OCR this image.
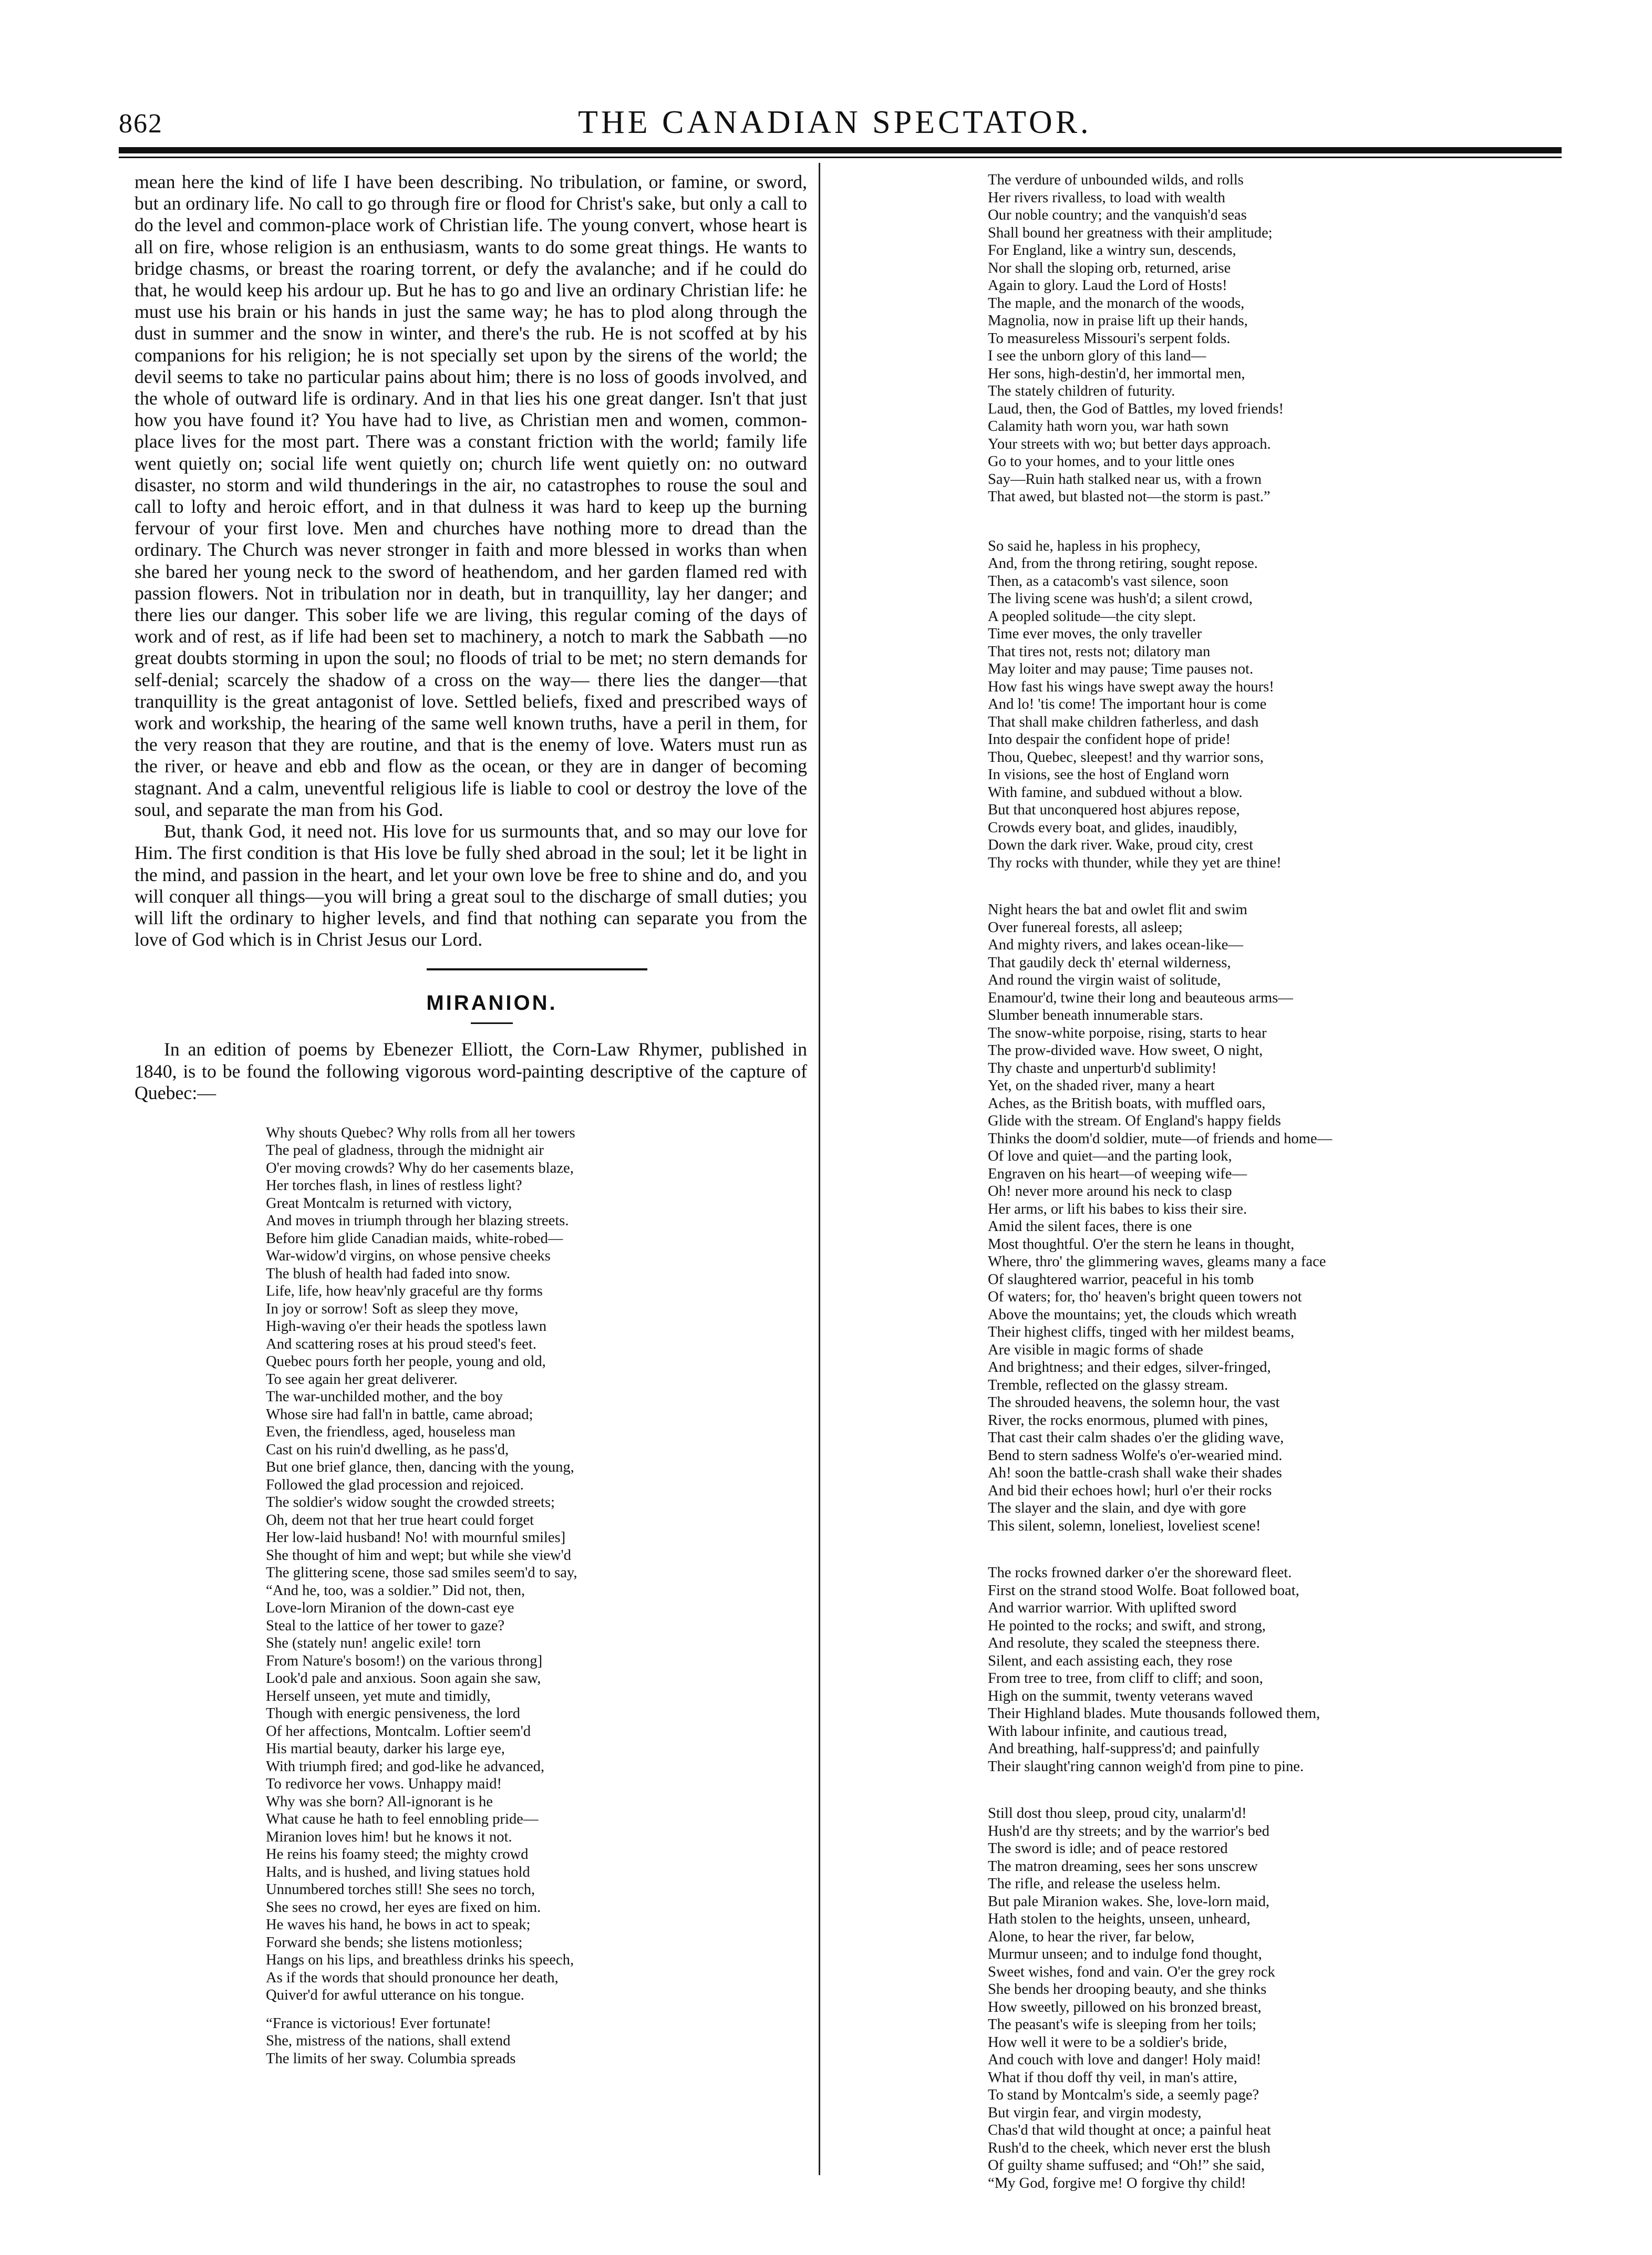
862	THE CANADIAN SPECTATOR.

mean here the kind of life I have been describing. No tribulation, or famine, or sword, but an ordinary life. No call to go through fire or flood for Christ's sake, but only a call to do the level and common-place work of Christian life. The young convert, whose heart is all on fire, whose religion is an enthusiasm, wants to do some great things. He wants to bridge chasms, or breast the roaring torrent, or defy the avalanche; and if he could do that, he would keep his ardour up. But he has to go and live an ordinary Christian life: he must use his brain or his hands in just the same way; he has to plod along through the dust in summer and the snow in winter, and there's the rub. He is not scoffed at by his companions for his religion; he is not specially set upon by the sirens of the world; the devil seems to take no particular pains about him; there is no loss of goods involved, and the whole of outward life is ordinary. And in that lies his one great danger. Isn't that just how you have found it? You have had to live, as Christian men and women, common-place lives for the most part. There was a constant friction with the world; family life went quietly on; social life went quietly on; church life went quietly on: no outward disaster, no storm and wild thunderings in the air, no catastrophes to rouse the soul and call to lofty and heroic effort, and in that dulness it was hard to keep up the burning fervour of your first love. Men and churches have nothing more to dread than the ordinary. The Church was never stronger in faith and more blessed in works than when she bared her young neck to the sword of heathendom, and her garden flamed red with passion flowers. Not in tribulation nor in death, but in tranquillity, lay her danger; and there lies our danger. This sober life we are living, this regular coming of the days of work and of rest, as if life had been set to machinery, a notch to mark the Sabbath —no great doubts storming in upon the soul; no floods of trial to be met; no stern demands for self-denial; scarcely the shadow of a cross on the way— there lies the danger—that tranquillity is the great antagonist of love. Settled beliefs, fixed and prescribed ways of work and workship, the hearing of the same well known truths, have a peril in them, for the very reason that they are routine, and that is the enemy of love. Waters must run as the river, or heave and ebb and flow as the ocean, or they are in danger of becoming stagnant. And a calm, uneventful religious life is liable to cool or destroy the love of the soul, and separate the man from his God.

But, thank God, it need not. His love for us surmounts that, and so may our love for Him. The first condition is that His love be fully shed abroad in the soul; let it be light in the mind, and passion in the heart, and let your own love be free to shine and do, and you will conquer all things—you will bring a great soul to the discharge of small duties; you will lift the ordinary to higher levels, and find that nothing can separate you from the love of God which is in Christ Jesus our Lord.

MIRANION.

In an edition of poems by Ebenezer Elliott, the Corn-Law Rhymer, published in 1840, is to be found the following vigorous word-painting descriptive of the capture of Quebec:—

Why shouts Quebec? Why rolls from all her towers
The peal of gladness, through the midnight air
O'er moving crowds? Why do her casements blaze,
Her torches flash, in lines of restless light?
Great Montcalm is returned with victory,
And moves in triumph through her blazing streets.
Before him glide Canadian maids, white-robed—
War-widow'd virgins, on whose pensive cheeks
The blush of health had faded into snow.
Life, life, how heav'nly graceful are thy forms
In joy or sorrow! Soft as sleep they move,
High-waving o'er their heads the spotless lawn
And scattering roses at his proud steed's feet.
Quebec pours forth her people, young and old,
To see again her great deliverer.
The war-unchilded mother, and the boy
Whose sire had fall'n in battle, came abroad;
Even, the friendless, aged, houseless man
Cast on his ruin'd dwelling, as he pass'd,
But one brief glance, then, dancing with the young,
Followed the glad procession and rejoiced.
The soldier's widow sought the crowded streets;
Oh, deem not that her true heart could forget
Her low-laid husband! No! with mournful smiles]
She thought of him and wept; but while she view'd
The glittering scene, those sad smiles seem'd to say,
“And he, too, was a soldier.” Did not, then,
Love-lorn Miranion of the down-cast eye
Steal to the lattice of her tower to gaze?
She (stately nun! angelic exile! torn
From Nature's bosom!) on the various throng]
Look'd pale and anxious. Soon again she saw,
Herself unseen, yet mute and timidly,
Though with energic pensiveness, the lord
Of her affections, Montcalm. Loftier seem'd
His martial beauty, darker his large eye,
With triumph fired; and god-like he advanced,
To redivorce her vows. Unhappy maid!
Why was she born? All-ignorant is he
What cause he hath to feel ennobling pride—
Miranion loves him! but he knows it not.
He reins his foamy steed; the mighty crowd
Halts, and is hushed, and living statues hold
Unnumbered torches still! She sees no torch,
She sees no crowd, her eyes are fixed on him.
He waves his hand, he bows in act to speak;
Forward she bends; she listens motionless;
Hangs on his lips, and breathless drinks his speech,
As if the words that should pronounce her death,
Quiver'd for awful utterance on his tongue.
“France is victorious! Ever fortunate!
She, mistress of the nations, shall extend
The limits of her sway. Columbia spreads
The verdure of unbounded wilds, and rolls
Her rivers rivalless, to load with wealth
Our noble country; and the vanquish'd seas
Shall bound her greatness with their amplitude;
For England, like a wintry sun, descends,
Nor shall the sloping orb, returned, arise
Again to glory. Laud the Lord of Hosts!
The maple, and the monarch of the woods,
Magnolia, now in praise lift up their hands,
To measureless Missouri's serpent folds.
I see the unborn glory of this land—
Her sons, high-destin'd, her immortal men,
The stately children of futurity.
Laud, then, the God of Battles, my loved friends!
Calamity hath worn you, war hath sown
Your streets with wo; but better days approach.
Go to your homes, and to your little ones
Say—Ruin hath stalked near us, with a frown
That awed, but blasted not—the storm is past.”
So said he, hapless in his prophecy,
And, from the throng retiring, sought repose.
Then, as a catacomb's vast silence, soon
The living scene was hush'd; a silent crowd,
A peopled solitude—the city slept.
Time ever moves, the only traveller
That tires not, rests not; dilatory man
May loiter and may pause; Time pauses not.
How fast his wings have swept away the hours!
And lo! 'tis come! The important hour is come
That shall make children fatherless, and dash
Into despair the confident hope of pride!
Thou, Quebec, sleepest! and thy warrior sons,
In visions, see the host of England worn
With famine, and subdued without a blow.
But that unconquered host abjures repose,
Crowds every boat, and glides, inaudibly,
Down the dark river. Wake, proud city, crest
Thy rocks with thunder, while they yet are thine!
Night hears the bat and owlet flit and swim
Over funereal forests, all asleep;
And mighty rivers, and lakes ocean-like—
That gaudily deck th' eternal wilderness,
And round the virgin waist of solitude,
Enamour'd, twine their long and beauteous arms—
Slumber beneath innumerable stars.
The snow-white porpoise, rising, starts to hear
The prow-divided wave. How sweet, O night,
Thy chaste and unperturb'd sublimity!
Yet, on the shaded river, many a heart
Aches, as the British boats, with muffled oars,
Glide with the stream. Of England's happy fields
Thinks the doom'd soldier, mute—of friends and home—
Of love and quiet—and the parting look,
Engraven on his heart—of weeping wife—
Oh! never more around his neck to clasp
Her arms, or lift his babes to kiss their sire.
Amid the silent faces, there is one
Most thoughtful. O'er the stern he leans in thought,
Where, thro' the glimmering waves, gleams many a face
Of slaughtered warrior, peaceful in his tomb
Of waters; for, tho' heaven's bright queen towers not
Above the mountains; yet, the clouds which wreath
Their highest cliffs, tinged with her mildest beams,
Are visible in magic forms of shade
And brightness; and their edges, silver-fringed,
Tremble, reflected on the glassy stream.
The shrouded heavens, the solemn hour, the vast
River, the rocks enormous, plumed with pines,
That cast their calm shades o'er the gliding wave,
Bend to stern sadness Wolfe's o'er-wearied mind.
Ah! soon the battle-crash shall wake their shades
And bid their echoes howl; hurl o'er their rocks
The slayer and the slain, and dye with gore
This silent, solemn, loneliest, loveliest scene!
The rocks frowned darker o'er the shoreward fleet.
First on the strand stood Wolfe. Boat followed boat,
And warrior warrior. With uplifted sword
He pointed to the rocks; and swift, and strong,
And resolute, they scaled the steepness there.
Silent, and each assisting each, they rose
From tree to tree, from cliff to cliff; and soon,
High on the summit, twenty veterans waved
Their Highland blades. Mute thousands followed them,
With labour infinite, and cautious tread,
And breathing, half-suppress'd; and painfully
Their slaught'ring cannon weigh'd from pine to pine.
Still dost thou sleep, proud city, unalarm'd!
Hush'd are thy streets; and by the warrior's bed
The sword is idle; and of peace restored
The matron dreaming, sees her sons unscrew
The rifle, and release the useless helm.
But pale Miranion wakes. She, love-lorn maid,
Hath stolen to the heights, unseen, unheard,
Alone, to hear the river, far below,
Murmur unseen; and to indulge fond thought,
Sweet wishes, fond and vain. O'er the grey rock
She bends her drooping beauty, and she thinks
How sweetly, pillowed on his bronzed breast,
The peasant's wife is sleeping from her toils;
How well it were to be a soldier's bride,
And couch with love and danger! Holy maid!
What if thou doff thy veil, in man's attire,
To stand by Montcalm's side, a seemly page?
But virgin fear, and virgin modesty,
Chas'd that wild thought at once; a painful heat
Rush'd to the cheek, which never erst the blush
Of guilty shame suffused; and “Oh!” she said,
“My God, forgive me! O forgive thy child!
